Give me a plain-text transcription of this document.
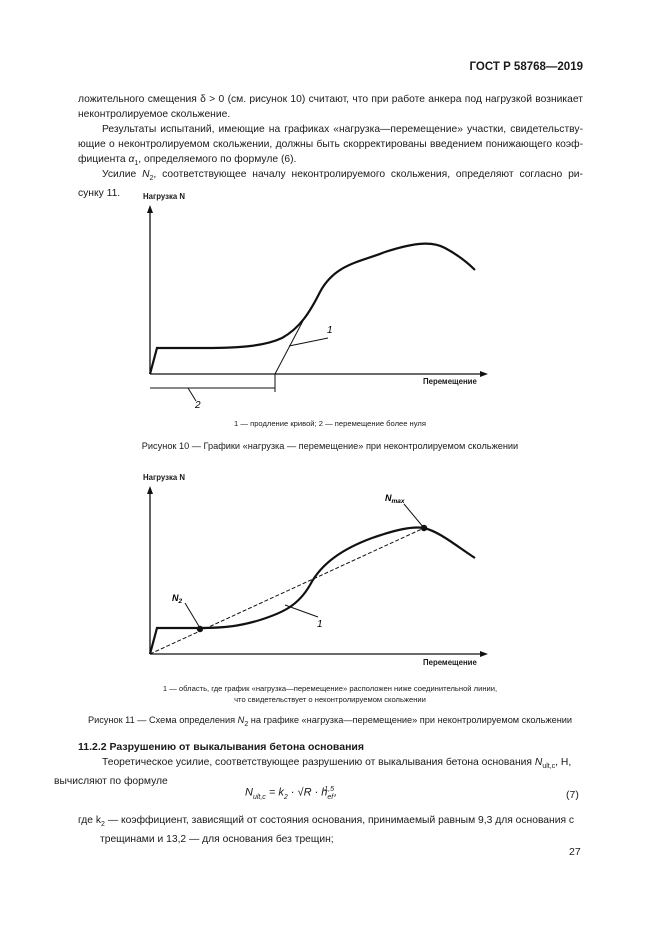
ГОСТ Р 58768—2019
ложительного смещения δ > 0 (см. рисунок 10) считают, что при работе анкера под нагрузкой возникает неконтролируемое скольжение.
Результаты испытаний, имеющие на графиках «нагрузка—перемещение» участки, свидетельству-ющие о неконтролируемом скольжении, должны быть скорректированы введением понижающего коэф-фициента $\alpha_1$, определяемого по формуле (6).
Усилие $N_2$, соответствующее началу неконтролируемого скольжения, определяют согласно ри-сунку 11.
1
2
Нагрузка N
Перемещение
1 — продление кривой; 2 — перемещение более нуля
Рисунок 10 — Графики «нагрузка — перемещение» при неконтролируемом скольжении
$N_2$
$N_{max}$
1
Нагрузка N
Перемещение
1 — область, где график «нагрузка—перемещение» расположен ниже соединительной линии,
что свидетельствует о неконтролируемом скольжении
Рисунок 11 — Схема определения $N_2$ на графике «нагрузка—перемещение» при неконтролируемом скольжении
11.2.2 Разрушению от выкалывания бетона основания
Теоретическое усилие, соответствующее разрушению от выкалывания бетона основания $N_{ult,c}$, Н,
вычисляют по формуле
$N_{ult,c} = k_2 \cdot √R \cdot h_{ef}^{1,5}$,	(7)
где $k_2$ — коэффициент, зависящий от состояния основания, принимаемый равным 9,3 для основания с
трещинами и 13,2 — для основания без трещин;
27
